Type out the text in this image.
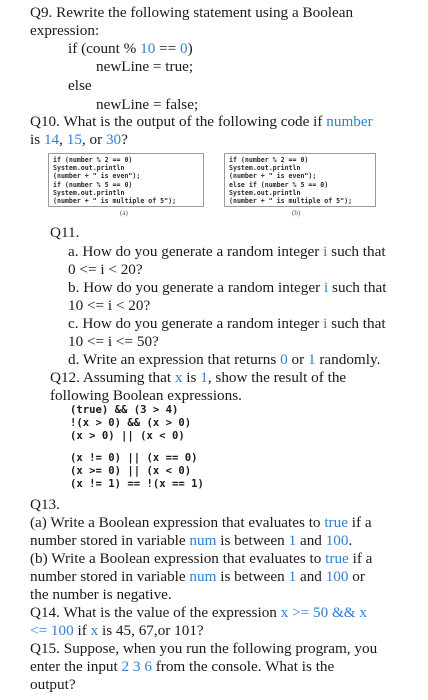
Q9. Rewrite the following statement using a Boolean
expression:
if (count % 10 == 0)
newLine = true;
else
newLine = false;
Q10. What is the output of the following code if number
is 14, 15, or 30?
if (number % 2 == 0)
System.out.println
(number + " is even");
if (number % 5 == 0)
System.out.println
(number + " is multiple of 5");
(a)
if (number % 2 == 0)
System.out.println
(number + " is even");
else if (number % 5 == 0)
System.out.println
(number + " is multiple of 5");
(b)
Q11.
a. How do you generate a random integer i such that
0 <= i < 20?
b. How do you generate a random integer i such that
10 <= i < 20?
c. How do you generate a random integer i such that
10 <= i <= 50?
d. Write an expression that returns 0 or 1 randomly.
Q12. Assuming that x is 1, show the result of the
following Boolean expressions.
(true) && (3 > 4)
!(x > 0) && (x > 0)
(x > 0) || (x < 0)
(x != 0) || (x == 0)
(x >= 0) || (x < 0)
(x != 1) == !(x == 1)
Q13.
(a) Write a Boolean expression that evaluates to true if a
number stored in variable num is between 1 and 100.
(b) Write a Boolean expression that evaluates to true if a
number stored in variable num is between 1 and 100 or
the number is negative.
Q14. What is the value of the expression x >= 50 && x
<= 100 if x is 45, 67,or 101?
Q15. Suppose, when you run the following program, you
enter the input 2 3 6 from the console. What is the
output?
